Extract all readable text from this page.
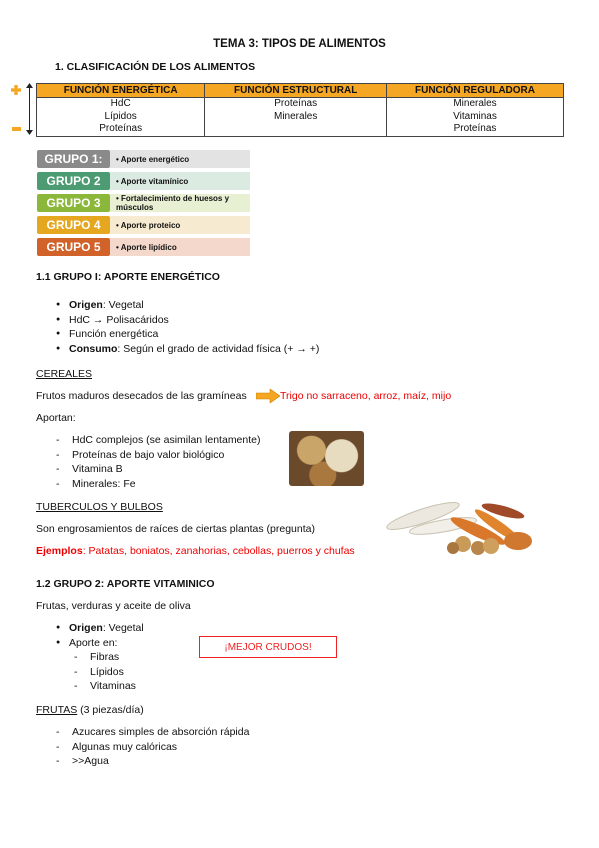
TEMA 3: TIPOS DE ALIMENTOS
1. CLASIFICACIÓN DE LOS ALIMENTOS
FUNCIÓN ENERGÉTICA	FUNCIÓN ESTRUCTURAL	FUNCIÓN REGULADORA
HdC	Proteínas	Minerales
Lípidos	Minerales	Vitaminas
Proteínas		Proteínas
GRUPO 1:	• Aporte energético
GRUPO 2	• Aporte vitamínico
GRUPO 3	• Fortalecimiento de huesos y músculos
GRUPO 4	• Aporte proteico
GRUPO 5	• Aporte lipídico
1.1 GRUPO I: APORTE ENERGÉTICO
● Origen: Vegetal
● HdC → Polisacáridos
● Función energética
● Consumo: Según el grado de actividad física (+ → +)
CEREALES
Frutos maduros desecados de las gramíneas	Trigo no sarraceno, arroz, maíz, mijo
Aportan:
- HdC complejos (se asimilan lentamente)
- Proteínas de bajo valor biológico
- Vitamina B
- Minerales: Fe
TUBERCULOS Y BULBOS
Son engrosamientos de raíces de ciertas plantas (pregunta)
Ejemplos: Patatas, boniatos, zanahorias, cebollas, puerros y chufas
1.2 GRUPO 2: APORTE VITAMINICO
Frutas, verduras y aceite de oliva
● Origen: Vegetal
● Aporte en:
- Fibras
- Lípidos
- Vitaminas
¡MEJOR CRUDOS!
FRUTAS (3 piezas/día)
- Azucares simples de absorción rápida
- Algunas muy calóricas
- >>Agua
